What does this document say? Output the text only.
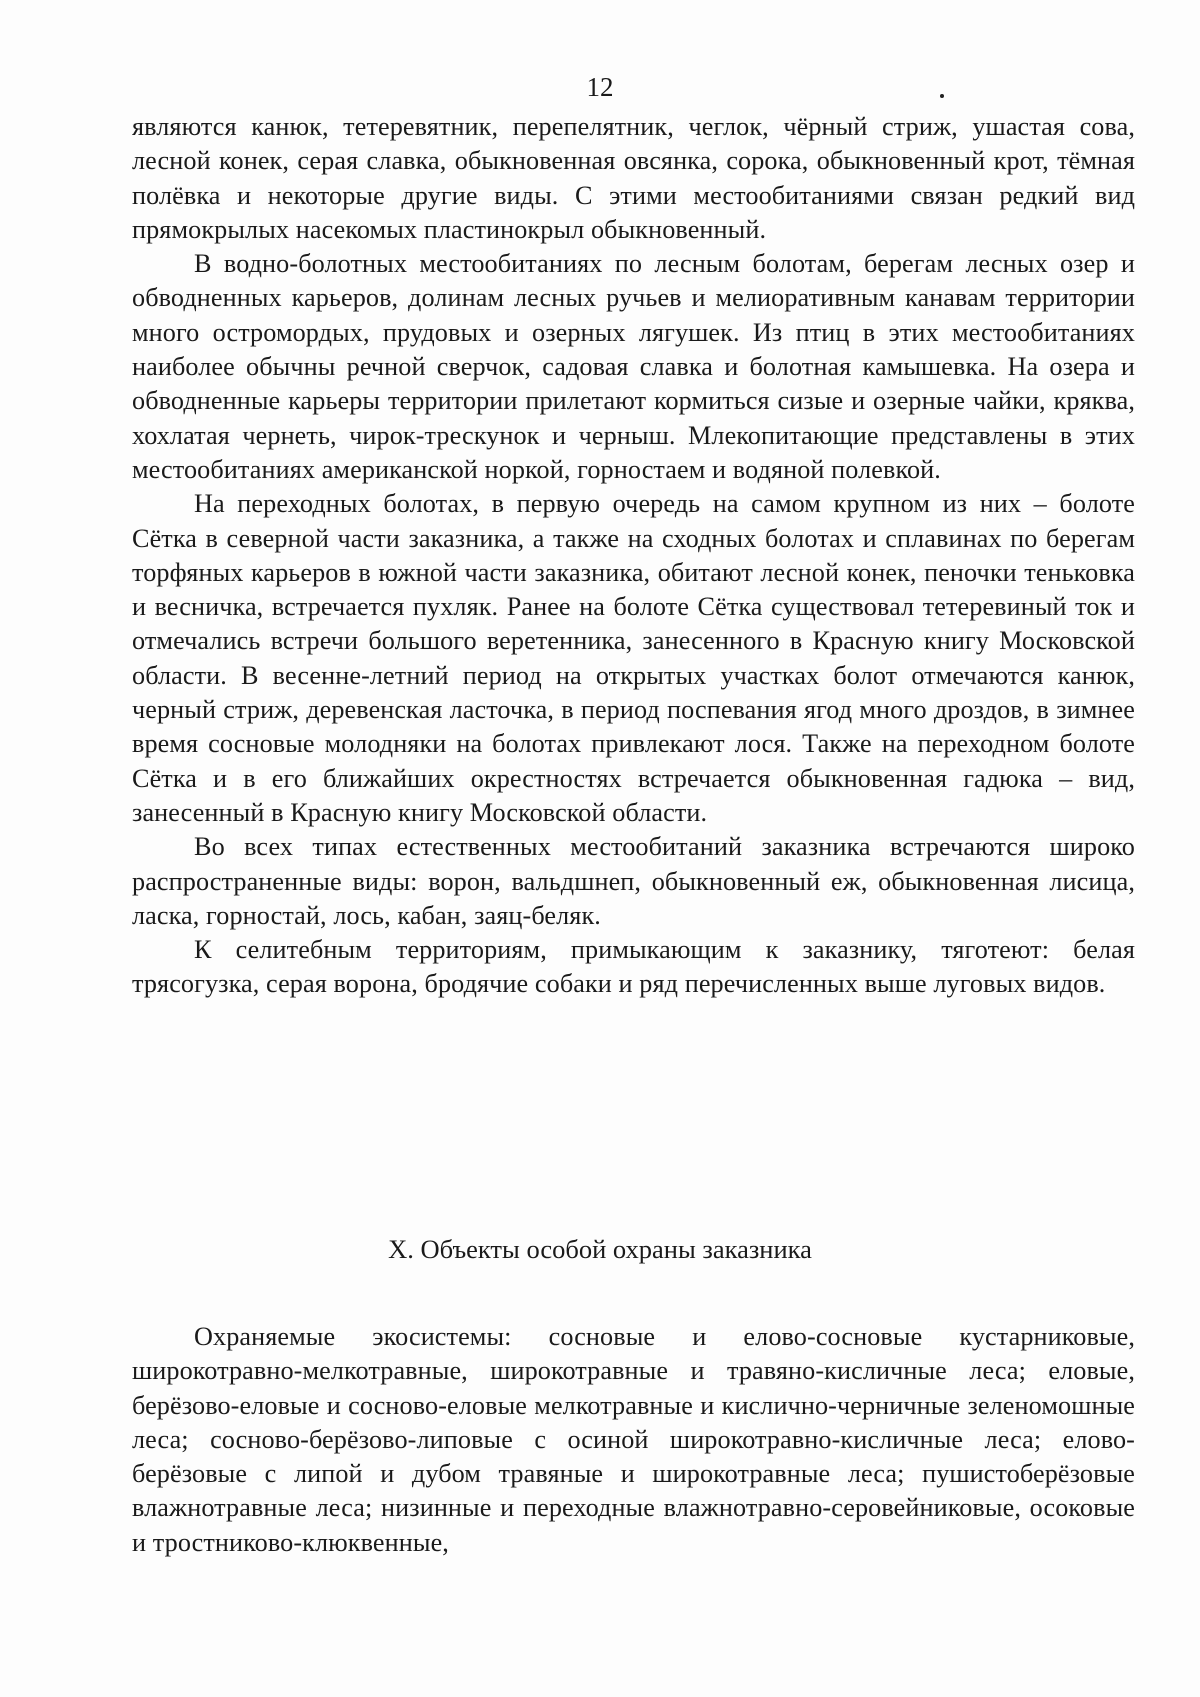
12

являются канюк, тетеревятник, перепелятник, чеглок, чёрный стриж, ушастая сова, лесной конек, серая славка, обыкновенная овсянка, сорока, обыкновенный крот, тёмная полёвка и некоторые другие виды. С этими местообитаниями связан редкий вид прямокрылых насекомых пластинокрыл обыкновенный.

В водно-болотных местообитаниях по лесным болотам, берегам лесных озер и обводненных карьеров, долинам лесных ручьев и мелиоративным канавам территории много остромордых, прудовых и озерных лягушек. Из птиц в этих местообитаниях наиболее обычны речной сверчок, садовая славка и болотная камышевка. На озера и обводненные карьеры территории прилетают кормиться сизые и озерные чайки, кряква, хохлатая чернеть, чирок-трескунок и черныш. Млекопитающие представлены в этих местообитаниях американской норкой, горностаем и водяной полевкой.

На переходных болотах, в первую очередь на самом крупном из них – болоте Сётка в северной части заказника, а также на сходных болотах и сплавинах по берегам торфяных карьеров в южной части заказника, обитают лесной конек, пеночки теньковка и весничка, встречается пухляк. Ранее на болоте Сётка существовал тетеревиный ток и отмечались встречи большого веретенника, занесенного в Красную книгу Московской области. В весенне-летний период на открытых участках болот отмечаются канюк, черный стриж, деревенская ласточка, в период поспевания ягод много дроздов, в зимнее время сосновые молодняки на болотах привлекают лося. Также на переходном болоте Сётка и в его ближайших окрестностях встречается обыкновенная гадюка – вид, занесенный в Красную книгу Московской области.

Во всех типах естественных местообитаний заказника встречаются широко распространенные виды: ворон, вальдшнеп, обыкновенный еж, обыкновенная лисица, ласка, горностай, лось, кабан, заяц-беляк.

К селитебным территориям, примыкающим к заказнику, тяготеют: белая трясогузка, серая ворона, бродячие собаки и ряд перечисленных выше луговых видов.

X. Объекты особой охраны заказника

Охраняемые экосистемы: сосновые и елово-сосновые кустарниковые, широкотравно-мелкотравные, широкотравные и травяно-кисличные леса; еловые, берёзово-еловые и сосново-еловые мелкотравные и кислично-черничные зеленомошные леса; сосново-берёзово-липовые с осиной широкотравно-кисличные леса; елово-берёзовые с липой и дубом травяные и широкотравные леса; пушистоберёзовые влажнотравные леса; низинные и переходные влажнотравно-серовейниковые, осоковые и тростниково-клюквенные,
